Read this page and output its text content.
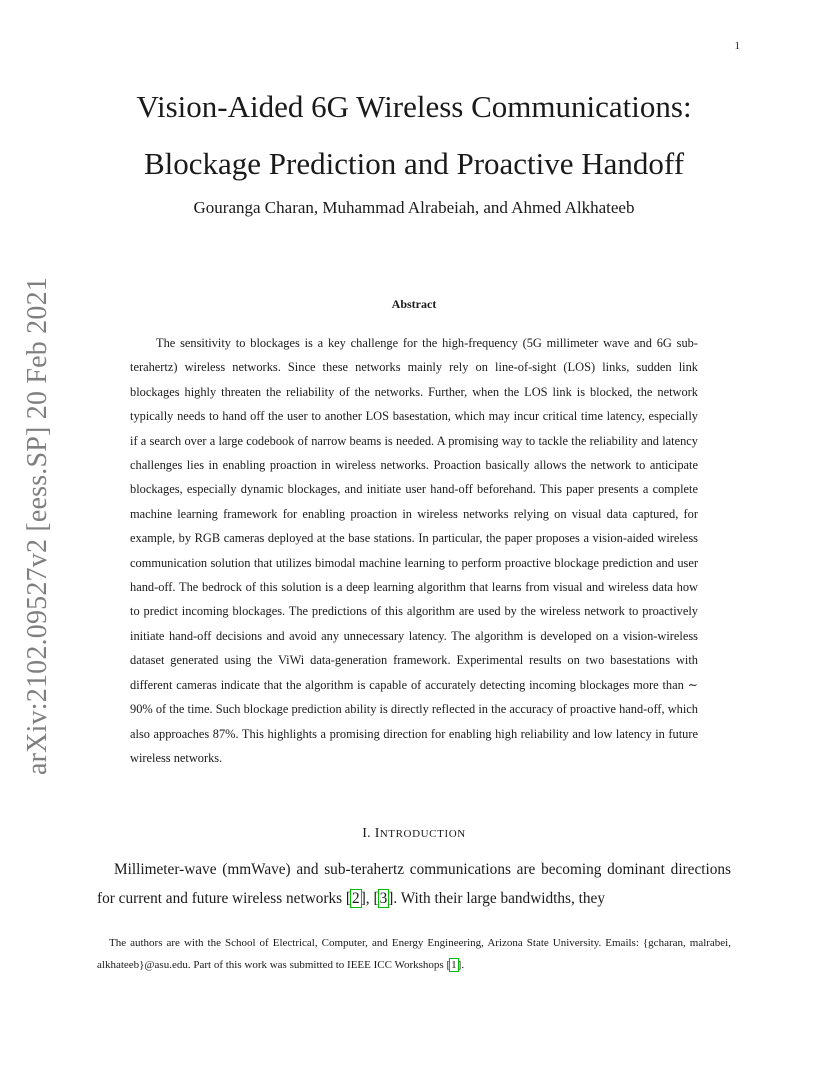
1
arXiv:2102.09527v2 [eess.SP] 20 Feb 2021
Vision-Aided 6G Wireless Communications:
Blockage Prediction and Proactive Handoff
Gouranga Charan, Muhammad Alrabeiah, and Ahmed Alkhateeb
Abstract

The sensitivity to blockages is a key challenge for the high-frequency (5G millimeter wave and 6G sub-terahertz) wireless networks. Since these networks mainly rely on line-of-sight (LOS) links, sudden link blockages highly threaten the reliability of the networks. Further, when the LOS link is blocked, the network typically needs to hand off the user to another LOS basestation, which may incur critical time latency, especially if a search over a large codebook of narrow beams is needed. A promising way to tackle the reliability and latency challenges lies in enabling proaction in wireless networks. Proaction basically allows the network to anticipate blockages, especially dynamic blockages, and initiate user hand-off beforehand. This paper presents a complete machine learning framework for enabling proaction in wireless networks relying on visual data captured, for example, by RGB cameras deployed at the base stations. In particular, the paper proposes a vision-aided wireless communication solution that utilizes bimodal machine learning to perform proactive blockage prediction and user hand-off. The bedrock of this solution is a deep learning algorithm that learns from visual and wireless data how to predict incoming blockages. The predictions of this algorithm are used by the wireless network to proactively initiate hand-off decisions and avoid any unnecessary latency. The algorithm is developed on a vision-wireless dataset generated using the ViWi data-generation framework. Experimental results on two basestations with different cameras indicate that the algorithm is capable of accurately detecting incoming blockages more than ∼ 90% of the time. Such blockage prediction ability is directly reflected in the accuracy of proactive hand-off, which also approaches 87%. This highlights a promising direction for enabling high reliability and low latency in future wireless networks.

I. INTRODUCTION

Millimeter-wave (mmWave) and sub-terahertz communications are becoming dominant directions for current and future wireless networks [2], [3]. With their large bandwidths, they

The authors are with the School of Electrical, Computer, and Energy Engineering, Arizona State University. Emails: {gcharan, malrabei, alkhateeb}@asu.edu. Part of this work was submitted to IEEE ICC Workshops [1].
